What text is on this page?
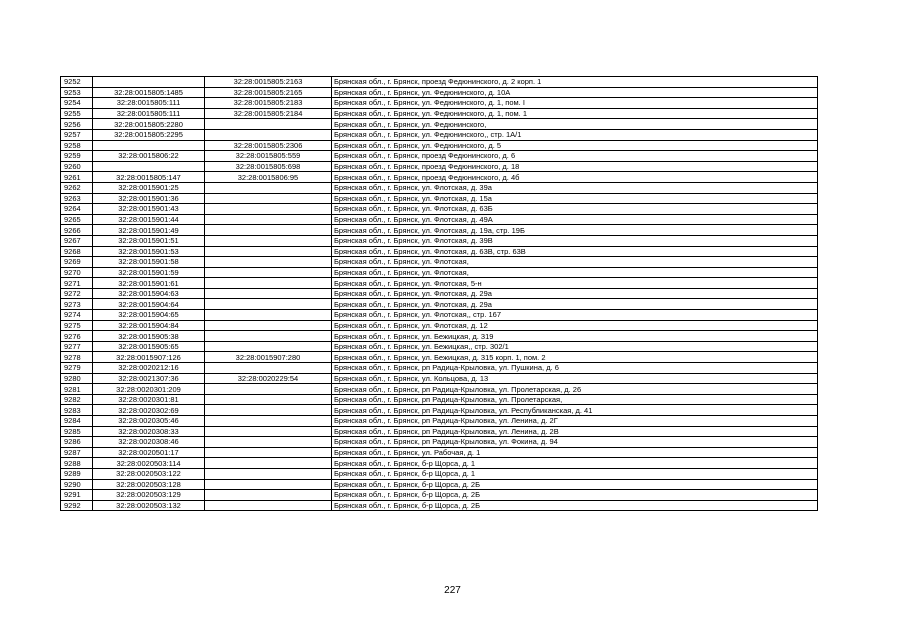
9252		32:28:0015805:2163	Брянская обл., г. Брянск, проезд Федюнинского, д. 2 корп. 1
9253	32:28:0015805:1485	32:28:0015805:2165	Брянская обл., г. Брянск, ул. Федюнинского, д. 10А
9254	32:28:0015805:111	32:28:0015805:2183	Брянская обл., г. Брянск, ул. Федюнинского, д. 1, пом. I
9255	32:28:0015805:111	32:28:0015805:2184	Брянская обл., г. Брянск, ул. Федюнинского, д. 1, пом. 1
9256	32:28:0015805:2280		Брянская обл., г. Брянск, ул. Федюнинского,
9257	32:28:0015805:2295		Брянская обл., г. Брянск, ул. Федюнинского,, стр. 1А/1
9258		32:28:0015805:2306	Брянская обл., г. Брянск, ул. Федюнинского, д. 5
9259	32:28:0015806:22	32:28:0015805:559	Брянская обл., г. Брянск, проезд Федюнинского, д. 6
9260		32:28:0015805:698	Брянская обл., г. Брянск, проезд Федюнинского, д. 18
9261	32:28:0015805:147	32:28:0015806:95	Брянская обл., г. Брянск, проезд Федюнинского, д. 4б
9262	32:28:0015901:25		Брянская обл., г. Брянск, ул. Флотская, д. 39а
9263	32:28:0015901:36		Брянская обл., г. Брянск, ул. Флотская, д. 15а
9264	32:28:0015901:43		Брянская обл., г. Брянск, ул. Флотская, д. 63Б
9265	32:28:0015901:44		Брянская обл., г. Брянск, ул. Флотская, д. 49А
9266	32:28:0015901:49		Брянская обл., г. Брянск, ул. Флотская, д. 19а, стр. 19Б
9267	32:28:0015901:51		Брянская обл., г. Брянск, ул. Флотская, д. 39В
9268	32:28:0015901:53		Брянская обл., г. Брянск, ул. Флотская, д. 63В, стр. 63В
9269	32:28:0015901:58		Брянская обл., г. Брянск, ул. Флотская,
9270	32:28:0015901:59		Брянская обл., г. Брянск, ул. Флотская,
9271	32:28:0015901:61		Брянская обл., г. Брянск, ул. Флотская, 5-н
9272	32:28:0015904:63		Брянская обл., г. Брянск, ул. Флотская, д. 29а
9273	32:28:0015904:64		Брянская обл., г. Брянск, ул. Флотская, д. 29а
9274	32:28:0015904:65		Брянская обл., г. Брянск, ул. Флотская,, стр. 167
9275	32:28:0015904:84		Брянская обл., г. Брянск, ул. Флотская, д. 12
9276	32:28:0015905:38		Брянская обл., г. Брянск, ул. Бежицкая, д. 319
9277	32:28:0015905:65		Брянская обл., г. Брянск, ул. Бежицкая,, стр. 302/1
9278	32:28:0015907:126	32:28:0015907:280	Брянская обл., г. Брянск, ул. Бежицкая, д. 315 корп. 1, пом. 2
9279	32:28:0020212:16		Брянская обл., г. Брянск, рп Радица-Крыловка, ул. Пушкина, д. 6
9280	32:28:0021307:36	32:28:0020229:54	Брянская обл., г. Брянск, ул. Кольцова, д. 13
9281	32:28:0020301:209		Брянская обл., г. Брянск, рп Радица-Крыловка, ул. Пролетарская, д. 26
9282	32:28:0020301:81		Брянская обл., г. Брянск, рп Радица-Крыловка, ул. Пролетарская,
9283	32:28:0020302:69		Брянская обл., г. Брянск, рп Радица-Крыловка, ул. Республиканская, д. 41
9284	32:28:0020305:46		Брянская обл., г. Брянск, рп Радица-Крыловка, ул. Ленина, д. 2Г
9285	32:28:0020308:33		Брянская обл., г. Брянск, рп Радица-Крыловка, ул. Ленина, д. 2В
9286	32:28:0020308:46		Брянская обл., г. Брянск, рп Радица-Крыловка, ул. Фокина, д. 94
9287	32:28:0020501:17		Брянская обл., г. Брянск, ул. Рабочая, д. 1
9288	32:28:0020503:114		Брянская обл., г. Брянск, б-р Щорса, д. 1
9289	32:28:0020503:122		Брянская обл., г. Брянск, б-р Щорса, д. 1
9290	32:28:0020503:128		Брянская обл., г. Брянск, б-р Щорса, д. 2Б
9291	32:28:0020503:129		Брянская обл., г. Брянск, б-р Щорса, д. 2Б
9292	32:28:0020503:132		Брянская обл., г. Брянск, б-р Щорса, д. 2Б
227
